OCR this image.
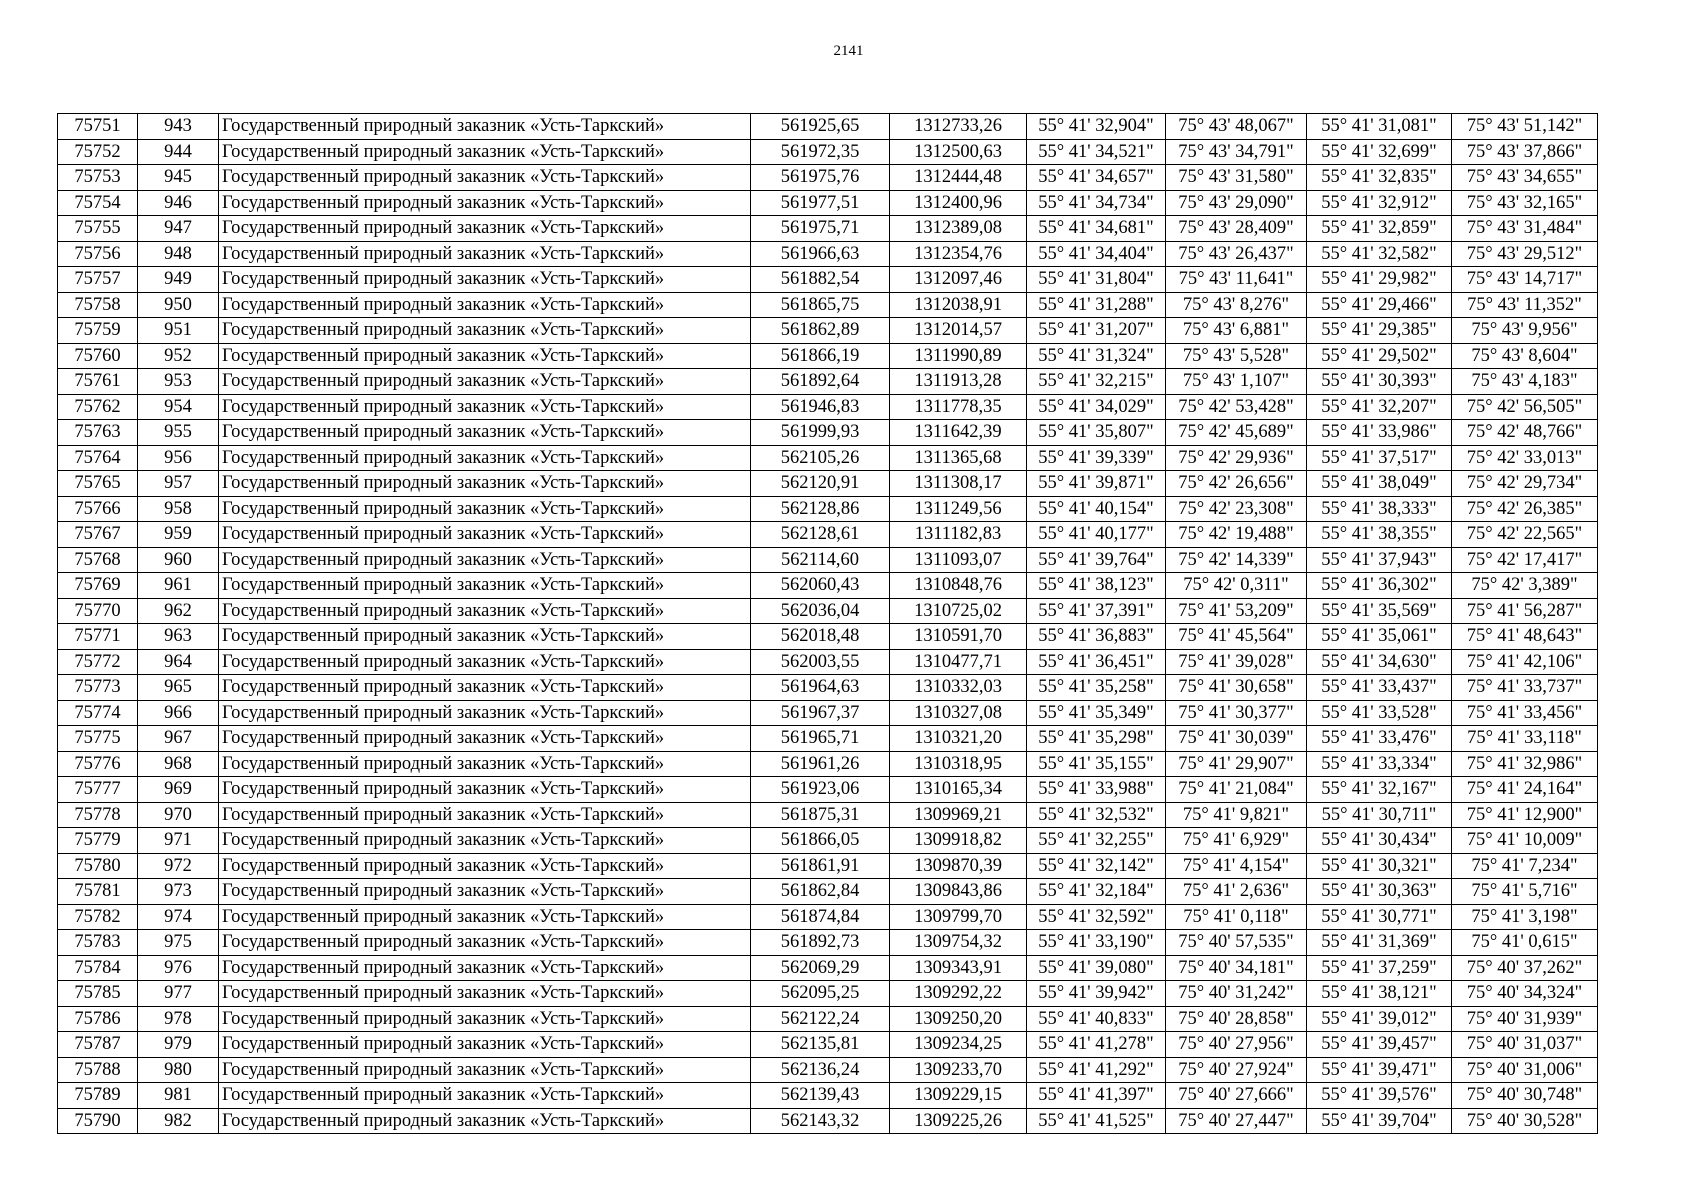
2141
75751	943	Государственный природный заказник «Усть-Таркский»	561925,65	1312733,26	55° 41' 32,904"	75° 43' 48,067"	55° 41' 31,081"	75° 43' 51,142"
75752	944	Государственный природный заказник «Усть-Таркский»	561972,35	1312500,63	55° 41' 34,521"	75° 43' 34,791"	55° 41' 32,699"	75° 43' 37,866"
75753	945	Государственный природный заказник «Усть-Таркский»	561975,76	1312444,48	55° 41' 34,657"	75° 43' 31,580"	55° 41' 32,835"	75° 43' 34,655"
75754	946	Государственный природный заказник «Усть-Таркский»	561977,51	1312400,96	55° 41' 34,734"	75° 43' 29,090"	55° 41' 32,912"	75° 43' 32,165"
75755	947	Государственный природный заказник «Усть-Таркский»	561975,71	1312389,08	55° 41' 34,681"	75° 43' 28,409"	55° 41' 32,859"	75° 43' 31,484"
75756	948	Государственный природный заказник «Усть-Таркский»	561966,63	1312354,76	55° 41' 34,404"	75° 43' 26,437"	55° 41' 32,582"	75° 43' 29,512"
75757	949	Государственный природный заказник «Усть-Таркский»	561882,54	1312097,46	55° 41' 31,804"	75° 43' 11,641"	55° 41' 29,982"	75° 43' 14,717"
75758	950	Государственный природный заказник «Усть-Таркский»	561865,75	1312038,91	55° 41' 31,288"	75° 43' 8,276"	55° 41' 29,466"	75° 43' 11,352"
75759	951	Государственный природный заказник «Усть-Таркский»	561862,89	1312014,57	55° 41' 31,207"	75° 43' 6,881"	55° 41' 29,385"	75° 43' 9,956"
75760	952	Государственный природный заказник «Усть-Таркский»	561866,19	1311990,89	55° 41' 31,324"	75° 43' 5,528"	55° 41' 29,502"	75° 43' 8,604"
75761	953	Государственный природный заказник «Усть-Таркский»	561892,64	1311913,28	55° 41' 32,215"	75° 43' 1,107"	55° 41' 30,393"	75° 43' 4,183"
75762	954	Государственный природный заказник «Усть-Таркский»	561946,83	1311778,35	55° 41' 34,029"	75° 42' 53,428"	55° 41' 32,207"	75° 42' 56,505"
75763	955	Государственный природный заказник «Усть-Таркский»	561999,93	1311642,39	55° 41' 35,807"	75° 42' 45,689"	55° 41' 33,986"	75° 42' 48,766"
75764	956	Государственный природный заказник «Усть-Таркский»	562105,26	1311365,68	55° 41' 39,339"	75° 42' 29,936"	55° 41' 37,517"	75° 42' 33,013"
75765	957	Государственный природный заказник «Усть-Таркский»	562120,91	1311308,17	55° 41' 39,871"	75° 42' 26,656"	55° 41' 38,049"	75° 42' 29,734"
75766	958	Государственный природный заказник «Усть-Таркский»	562128,86	1311249,56	55° 41' 40,154"	75° 42' 23,308"	55° 41' 38,333"	75° 42' 26,385"
75767	959	Государственный природный заказник «Усть-Таркский»	562128,61	1311182,83	55° 41' 40,177"	75° 42' 19,488"	55° 41' 38,355"	75° 42' 22,565"
75768	960	Государственный природный заказник «Усть-Таркский»	562114,60	1311093,07	55° 41' 39,764"	75° 42' 14,339"	55° 41' 37,943"	75° 42' 17,417"
75769	961	Государственный природный заказник «Усть-Таркский»	562060,43	1310848,76	55° 41' 38,123"	75° 42' 0,311"	55° 41' 36,302"	75° 42' 3,389"
75770	962	Государственный природный заказник «Усть-Таркский»	562036,04	1310725,02	55° 41' 37,391"	75° 41' 53,209"	55° 41' 35,569"	75° 41' 56,287"
75771	963	Государственный природный заказник «Усть-Таркский»	562018,48	1310591,70	55° 41' 36,883"	75° 41' 45,564"	55° 41' 35,061"	75° 41' 48,643"
75772	964	Государственный природный заказник «Усть-Таркский»	562003,55	1310477,71	55° 41' 36,451"	75° 41' 39,028"	55° 41' 34,630"	75° 41' 42,106"
75773	965	Государственный природный заказник «Усть-Таркский»	561964,63	1310332,03	55° 41' 35,258"	75° 41' 30,658"	55° 41' 33,437"	75° 41' 33,737"
75774	966	Государственный природный заказник «Усть-Таркский»	561967,37	1310327,08	55° 41' 35,349"	75° 41' 30,377"	55° 41' 33,528"	75° 41' 33,456"
75775	967	Государственный природный заказник «Усть-Таркский»	561965,71	1310321,20	55° 41' 35,298"	75° 41' 30,039"	55° 41' 33,476"	75° 41' 33,118"
75776	968	Государственный природный заказник «Усть-Таркский»	561961,26	1310318,95	55° 41' 35,155"	75° 41' 29,907"	55° 41' 33,334"	75° 41' 32,986"
75777	969	Государственный природный заказник «Усть-Таркский»	561923,06	1310165,34	55° 41' 33,988"	75° 41' 21,084"	55° 41' 32,167"	75° 41' 24,164"
75778	970	Государственный природный заказник «Усть-Таркский»	561875,31	1309969,21	55° 41' 32,532"	75° 41' 9,821"	55° 41' 30,711"	75° 41' 12,900"
75779	971	Государственный природный заказник «Усть-Таркский»	561866,05	1309918,82	55° 41' 32,255"	75° 41' 6,929"	55° 41' 30,434"	75° 41' 10,009"
75780	972	Государственный природный заказник «Усть-Таркский»	561861,91	1309870,39	55° 41' 32,142"	75° 41' 4,154"	55° 41' 30,321"	75° 41' 7,234"
75781	973	Государственный природный заказник «Усть-Таркский»	561862,84	1309843,86	55° 41' 32,184"	75° 41' 2,636"	55° 41' 30,363"	75° 41' 5,716"
75782	974	Государственный природный заказник «Усть-Таркский»	561874,84	1309799,70	55° 41' 32,592"	75° 41' 0,118"	55° 41' 30,771"	75° 41' 3,198"
75783	975	Государственный природный заказник «Усть-Таркский»	561892,73	1309754,32	55° 41' 33,190"	75° 40' 57,535"	55° 41' 31,369"	75° 41' 0,615"
75784	976	Государственный природный заказник «Усть-Таркский»	562069,29	1309343,91	55° 41' 39,080"	75° 40' 34,181"	55° 41' 37,259"	75° 40' 37,262"
75785	977	Государственный природный заказник «Усть-Таркский»	562095,25	1309292,22	55° 41' 39,942"	75° 40' 31,242"	55° 41' 38,121"	75° 40' 34,324"
75786	978	Государственный природный заказник «Усть-Таркский»	562122,24	1309250,20	55° 41' 40,833"	75° 40' 28,858"	55° 41' 39,012"	75° 40' 31,939"
75787	979	Государственный природный заказник «Усть-Таркский»	562135,81	1309234,25	55° 41' 41,278"	75° 40' 27,956"	55° 41' 39,457"	75° 40' 31,037"
75788	980	Государственный природный заказник «Усть-Таркский»	562136,24	1309233,70	55° 41' 41,292"	75° 40' 27,924"	55° 41' 39,471"	75° 40' 31,006"
75789	981	Государственный природный заказник «Усть-Таркский»	562139,43	1309229,15	55° 41' 41,397"	75° 40' 27,666"	55° 41' 39,576"	75° 40' 30,748"
75790	982	Государственный природный заказник «Усть-Таркский»	562143,32	1309225,26	55° 41' 41,525"	75° 40' 27,447"	55° 41' 39,704"	75° 40' 30,528"
